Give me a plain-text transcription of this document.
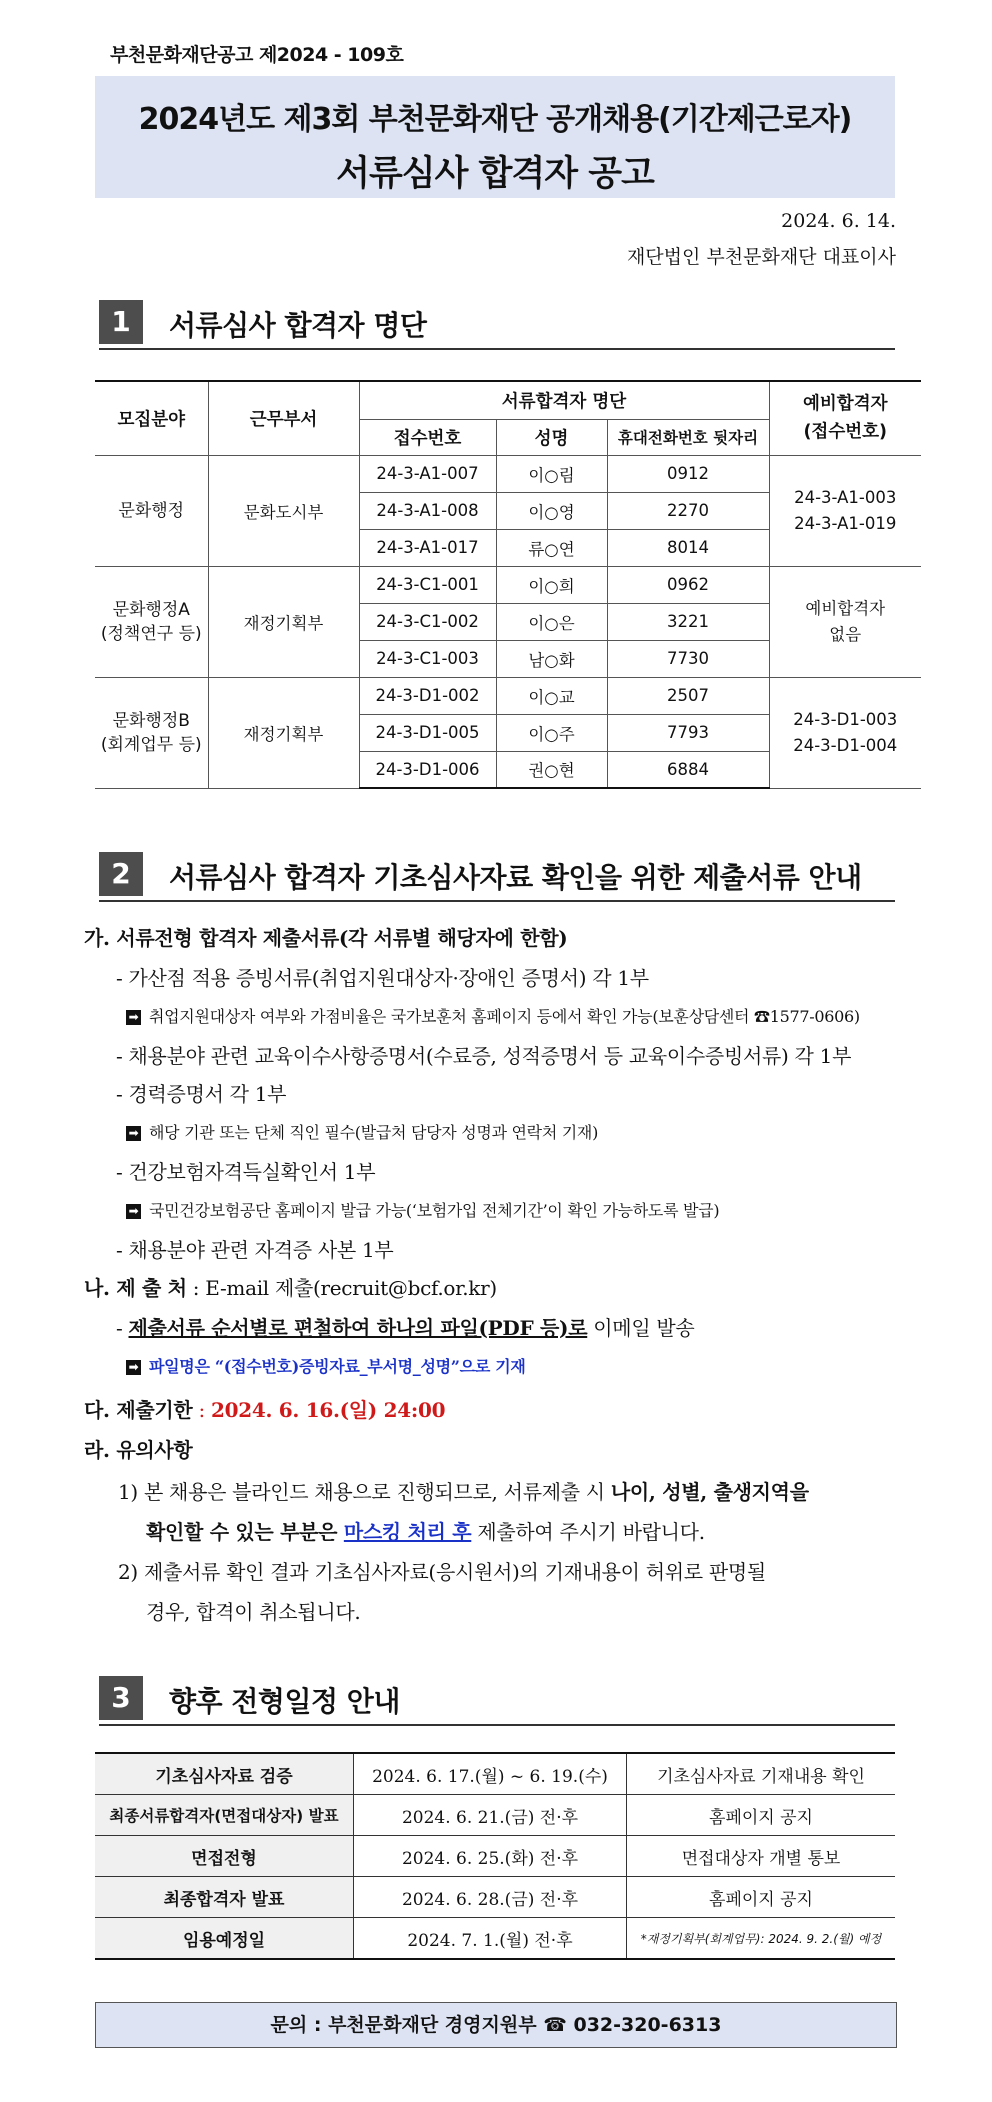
부천문화재단공고 제2024 - 109호
2024년도 제3회 부천문화재단 공개채용(기간제근로자)
서류심사 합격자 공고
2024. 6. 14.
재단법인 부천문화재단 대표이사
1	서류심사 합격자 명단
모집분야	근무부서	서류합격자 명단			예비합격자
(접수번호)
		접수번호	성명	휴대전화번호 뒷자리	
문화행정	문화도시부	24-3-A1-007	이○림	0912	24-3-A1-003
24-3-A1-019
		24-3-A1-008	이○영	2270	
		24-3-A1-017	류○연	8014	
문화행정A
(정책연구 등)	재정기획부	24-3-C1-001	이○희	0962	예비합격자
없음
		24-3-C1-002	이○은	3221	
		24-3-C1-003	남○화	7730	
문화행정B
(회계업무 등)	재정기획부	24-3-D1-002	이○교	2507	24-3-D1-003
24-3-D1-004
		24-3-D1-005	이○주	7793	
		24-3-D1-006	권○현	6884	
2	서류심사 합격자 기초심사자료 확인을 위한 제출서류 안내
가. 서류전형 합격자 제출서류(각 서류별 해당자에 한함)
- 가산점 적용 증빙서류(취업지원대상자·장애인 증명서) 각 1부
➡ 취업지원대상자 여부와 가점비율은 국가보훈처 홈페이지 등에서 확인 가능(보훈상담센터 ☎1577-0606)
- 채용분야 관련 교육이수사항증명서(수료증, 성적증명서 등 교육이수증빙서류) 각 1부
- 경력증명서 각 1부
➡ 해당 기관 또는 단체 직인 필수(발급처 담당자 성명과 연락처 기재)
- 건강보험자격득실확인서 1부
➡ 국민건강보험공단 홈페이지 발급 가능(‘보험가입 전체기간’이 확인 가능하도록 발급)
- 채용분야 관련 자격증 사본 1부
나. 제 출 처 : E-mail 제출(recruit@bcf.or.kr)
- 제출서류 순서별로 편철하여 하나의 파일(PDF 등)로 이메일 발송
➡ 파일명은 “(접수번호)증빙자료_부서명_성명”으로 기재
다. 제출기한 : 2024. 6. 16.(일) 24:00
라. 유의사항
1) 본 채용은 블라인드 채용으로 진행되므로, 서류제출 시 나이, 성별, 출생지역을
확인할 수 있는 부분은 마스킹 처리 후 제출하여 주시기 바랍니다.
2) 제출서류 확인 결과 기초심사자료(응시원서)의 기재내용이 허위로 판명될
경우, 합격이 취소됩니다.
3	향후 전형일정 안내
기초심사자료 검증	2024. 6. 17.(월) ~ 6. 19.(수)	기초심사자료 기재내용 확인
최종서류합격자(면접대상자) 발표	2024. 6. 21.(금) 전·후	홈페이지 공지
면접전형	2024. 6. 25.(화) 전·후	면접대상자 개별 통보
최종합격자 발표	2024. 6. 28.(금) 전·후	홈페이지 공지
임용예정일	2024. 7. 1.(월) 전·후	*재정기획부(회계업무): 2024. 9. 2.(월) 예정
문의 : 부천문화재단 경영지원부 ☎ 032-320-6313
